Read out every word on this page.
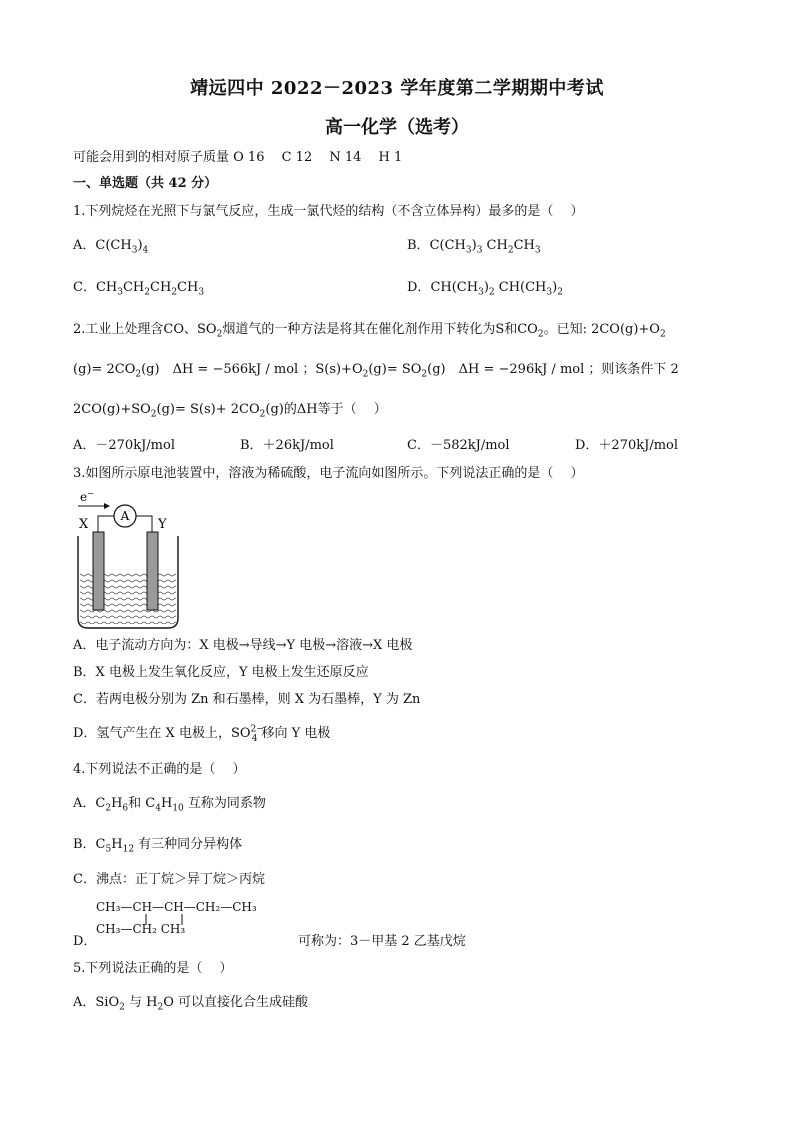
靖远四中 2022－2023 学年度第二学期期中考试
高一化学（选考）
可能会用到的相对原子质量 O 16　 C 12　 N 14　 H 1
一、单选题（共 42 分）
1.下列烷烃在光照下与氯气反应，生成一氯代烃的结构（不含立体异构）最多的是（　 ）
A．$C(CH_3)_4$	B．$C(CH_3)_3$ $CH_2CH_3$
C．$CH_3CH_2CH_2CH_3$	D．$CH(CH_3)_2$ $CH(CH_3)_2$
2.工业上处理含CO、$SO_2$烟道气的一种方法是将其在催化剂作用下转化为S和$CO_2$。已知: $2CO(g)+O_2$
$(g)= 2CO_2(g)$　ΔH = −566kJ / mol ；$S(s)+O_2(g)= SO_2(g)$　ΔH = −296kJ / mol ；则该条件下 2
$2CO(g)+SO_2(g)= S(s)+ 2CO_2(g)$的ΔH等于（　 ）
A．－270kJ/mol	B．＋26kJ/mol	C．－582kJ/mol	D．＋270kJ/mol
3.如图所示原电池装置中，溶液为稀硫酸，电子流向如图所示。下列说法正确的是（　 ）
e−
A
X	Y
A．电子流动方向为：X 电极→导线→Y 电极→溶液→X 电极
B．X 电极上发生氧化反应，Y 电极上发生还原反应
C．若两电极分别为 Zn 和石墨棒，则 X 为石墨棒，Y 为 Zn
D．氢气产生在 X 电极上，$SO^{2-}_4$ 移向 Y 电极
4.下列说法不正确的是（　 ）
A．$C_2H_6$和 $C_4H_{10}$ 互称为同系物
B．$C_5H_{12}$ 有三种同分异构体
C．沸点：正丁烷＞异丁烷＞丙烷
CH₃—CH—CH—CH₂—CH₃
CH₃—CH₂ CH₃
D．	可称为：3－甲基 2 乙基戊烷
5.下列说法正确的是（　 ）
A．SiO$_2$ 与 $H_2O$ 可以直接化合生成硅酸
